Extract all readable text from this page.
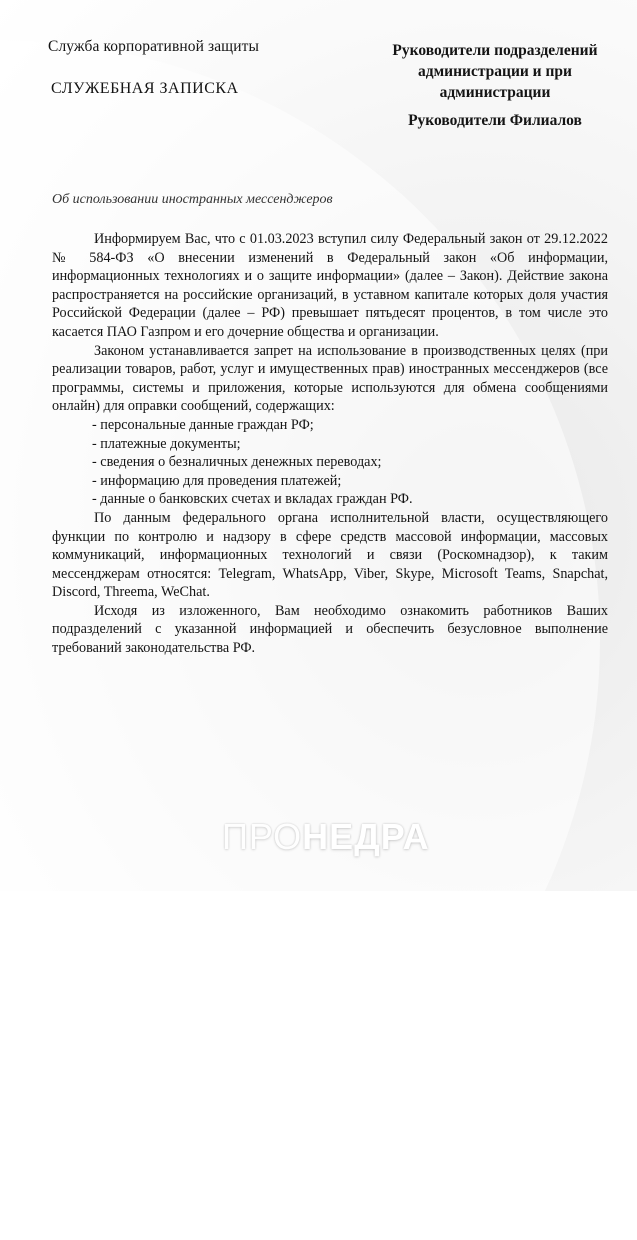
Служба корпоративной защиты
СЛУЖЕБНАЯ ЗАПИСКА
Руководители подразделений администрации и при администрации
Руководители Филиалов
Об использовании иностранных мессенджеров

Информируем Вас, что с 01.03.2023 вступил силу Федеральный закон от 29.12.2022 № 584-ФЗ «О внесении изменений в Федеральный закон «Об информации, информационных технологиях и о защите информации» (далее – Закон). Действие закона распространяется на российские организаций, в уставном капитале которых доля участия Российской Федерации (далее – РФ) превышает пятьдесят процентов, в том числе это касается ПАО Газпром и его дочерние общества и организации.

Законом устанавливается запрет на использование в производственных целях (при реализации товаров, работ, услуг и имущественных прав) иностранных мессенджеров (все программы, системы и приложения, которые используются для обмена сообщениями онлайн) для оправки сообщений, содержащих:

- персональные данные граждан РФ;

- платежные документы;

- сведения о безналичных денежных переводах;

- информацию для проведения платежей;

- данные о банковских счетах и вкладах граждан РФ.

По данным федерального органа исполнительной власти, осуществляющего функции по контролю и надзору в сфере средств массовой информации, массовых коммуникаций, информационных технологий и связи (Роскомнадзор), к таким мессенджерам относятся: Telegram, WhatsApp, Viber, Skype, Microsoft Teams, Snapchat, Discord, Threema, WeChat.

Исходя из изложенного, Вам необходимо ознакомить работников Ваших подразделений с указанной информацией и обеспечить безусловное выполнение требований законодательства РФ.

ПРОНЕДРА
